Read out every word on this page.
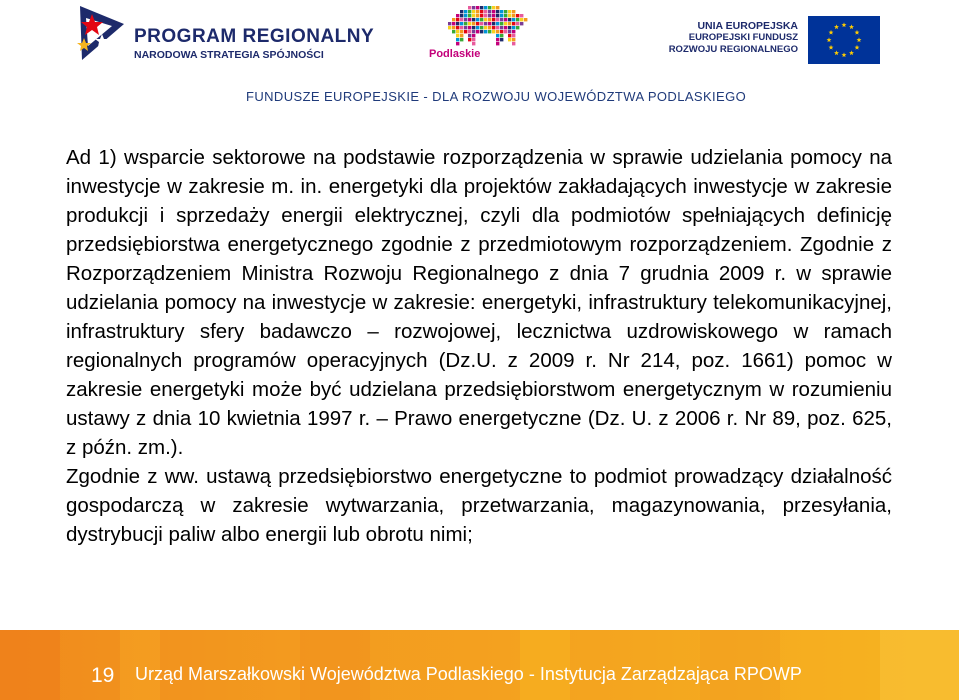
PROGRAM REGIONALNY
NARODOWA STRATEGIA SPÓJNOŚCI	Podlaskie
UNIA EUROPEJSKA
EUROPEJSKI FUNDUSZ
ROZWOJU REGIONALNEGO
FUNDUSZE EUROPEJSKIE - DLA ROZWOJU WOJEWÓDZTWA PODLASKIEGO

Ad 1) wsparcie sektorowe na podstawie rozporządzenia w sprawie udzielania pomocy na inwestycje w zakresie m. in. energetyki dla projektów zakładających inwestycje w zakresie produkcji i sprzedaży energii elektrycznej, czyli dla podmiotów spełniających definicję przedsiębiorstwa energetycznego zgodnie z przedmiotowym rozporządzeniem. Zgodnie z Rozporządzeniem Ministra Rozwoju Regionalnego z dnia 7 grudnia 2009 r. w sprawie udzielania pomocy na inwestycje w zakresie: energetyki, infrastruktury telekomunikacyjnej, infrastruktury sfery badawczo – rozwojowej, lecznictwa uzdrowiskowego w ramach regionalnych programów operacyjnych (Dz.U. z 2009 r. Nr 214, poz. 1661) pomoc w zakresie energetyki może być udzielana przedsiębiorstwom energetycznym w rozumieniu ustawy z dnia 10 kwietnia 1997 r. – Prawo energetyczne (Dz. U. z 2006 r. Nr 89, poz. 625, z późn. zm.).

Zgodnie z ww. ustawą przedsiębiorstwo energetyczne to podmiot prowadzący działalność gospodarczą w zakresie wytwarzania, przetwarzania, magazynowania, przesyłania, dystrybucji paliw albo energii lub obrotu nimi;

19 Urząd Marszałkowski Województwa Podlaskiego - Instytucja Zarządzająca RPOWP
